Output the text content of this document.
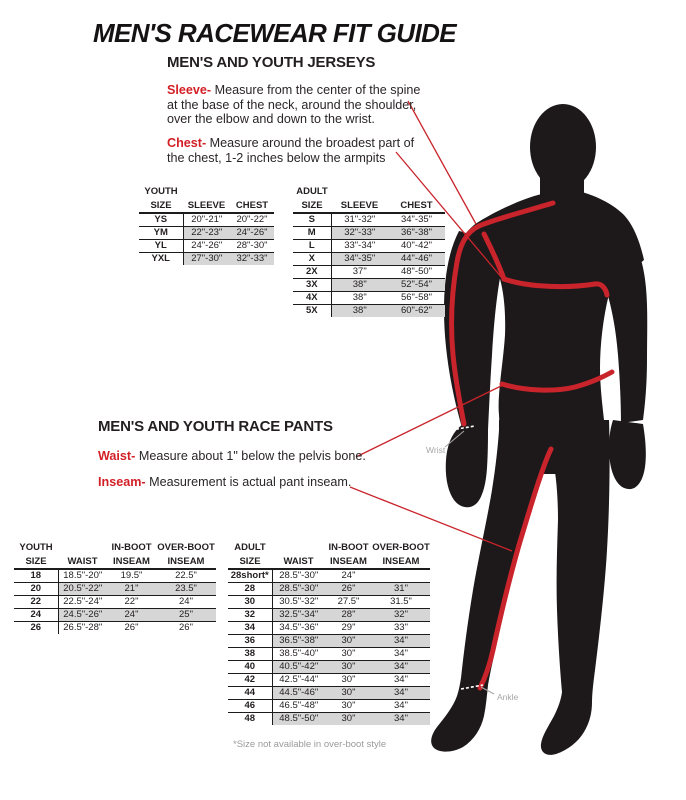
Wrist
Ankle
MEN'S RACEWEAR FIT GUIDE
MEN'S AND YOUTH JERSEYS
Sleeve- Measure from the center of the spine at the base of the neck, around the shoulder, over the elbow and down to the wrist.
Chest- Measure around the broadest part of the chest, 1-2 inches below the armpits
MEN'S AND YOUTH RACE PANTS
Waist- Measure about 1" below the pelvis bone.
Inseam- Measurement is actual pant inseam.
YOUTH		
SIZE	SLEEVE	CHEST
YS	20"-21"	20"-22"
YM	22"-23"	24"-26"
YL	24"-26"	28"-30"
YXL	27"-30"	32"-33"
ADULT		
SIZE	SLEEVE	CHEST
S	31"-32"	34"-35"
M	32"-33"	36"-38"
L	33"-34"	40"-42"
X	34"-35"	44"-46"
2X	37"	48"-50"
3X	38"	52"-54"
4X	38"	56"-58"
5X	38"	60"-62"
YOUTH		IN-BOOT	OVER-BOOT
SIZE	WAIST	INSEAM	INSEAM
18	18.5"-20"	19.5"	22.5"
20	20.5"-22"	21"	23.5"
22	22.5"-24"	22"	24"
24	24.5"-26"	24"	25"
26	26.5"-28"	26"	26"
ADULT		IN-BOOT	OVER-BOOT
SIZE	WAIST	INSEAM	INSEAM
28short*	28.5"-30"	24"	
28	28.5"-30"	26"	31"
30	30.5"-32"	27.5"	31.5"
32	32.5"-34"	28"	32"
34	34.5"-36"	29"	33"
36	36.5"-38"	30"	34"
38	38.5"-40"	30"	34"
40	40.5"-42"	30"	34"
42	42.5"-44"	30"	34"
44	44.5"-46"	30"	34"
46	46.5"-48"	30"	34"
48	48.5"-50"	30"	34"
*Size not available in over-boot style
